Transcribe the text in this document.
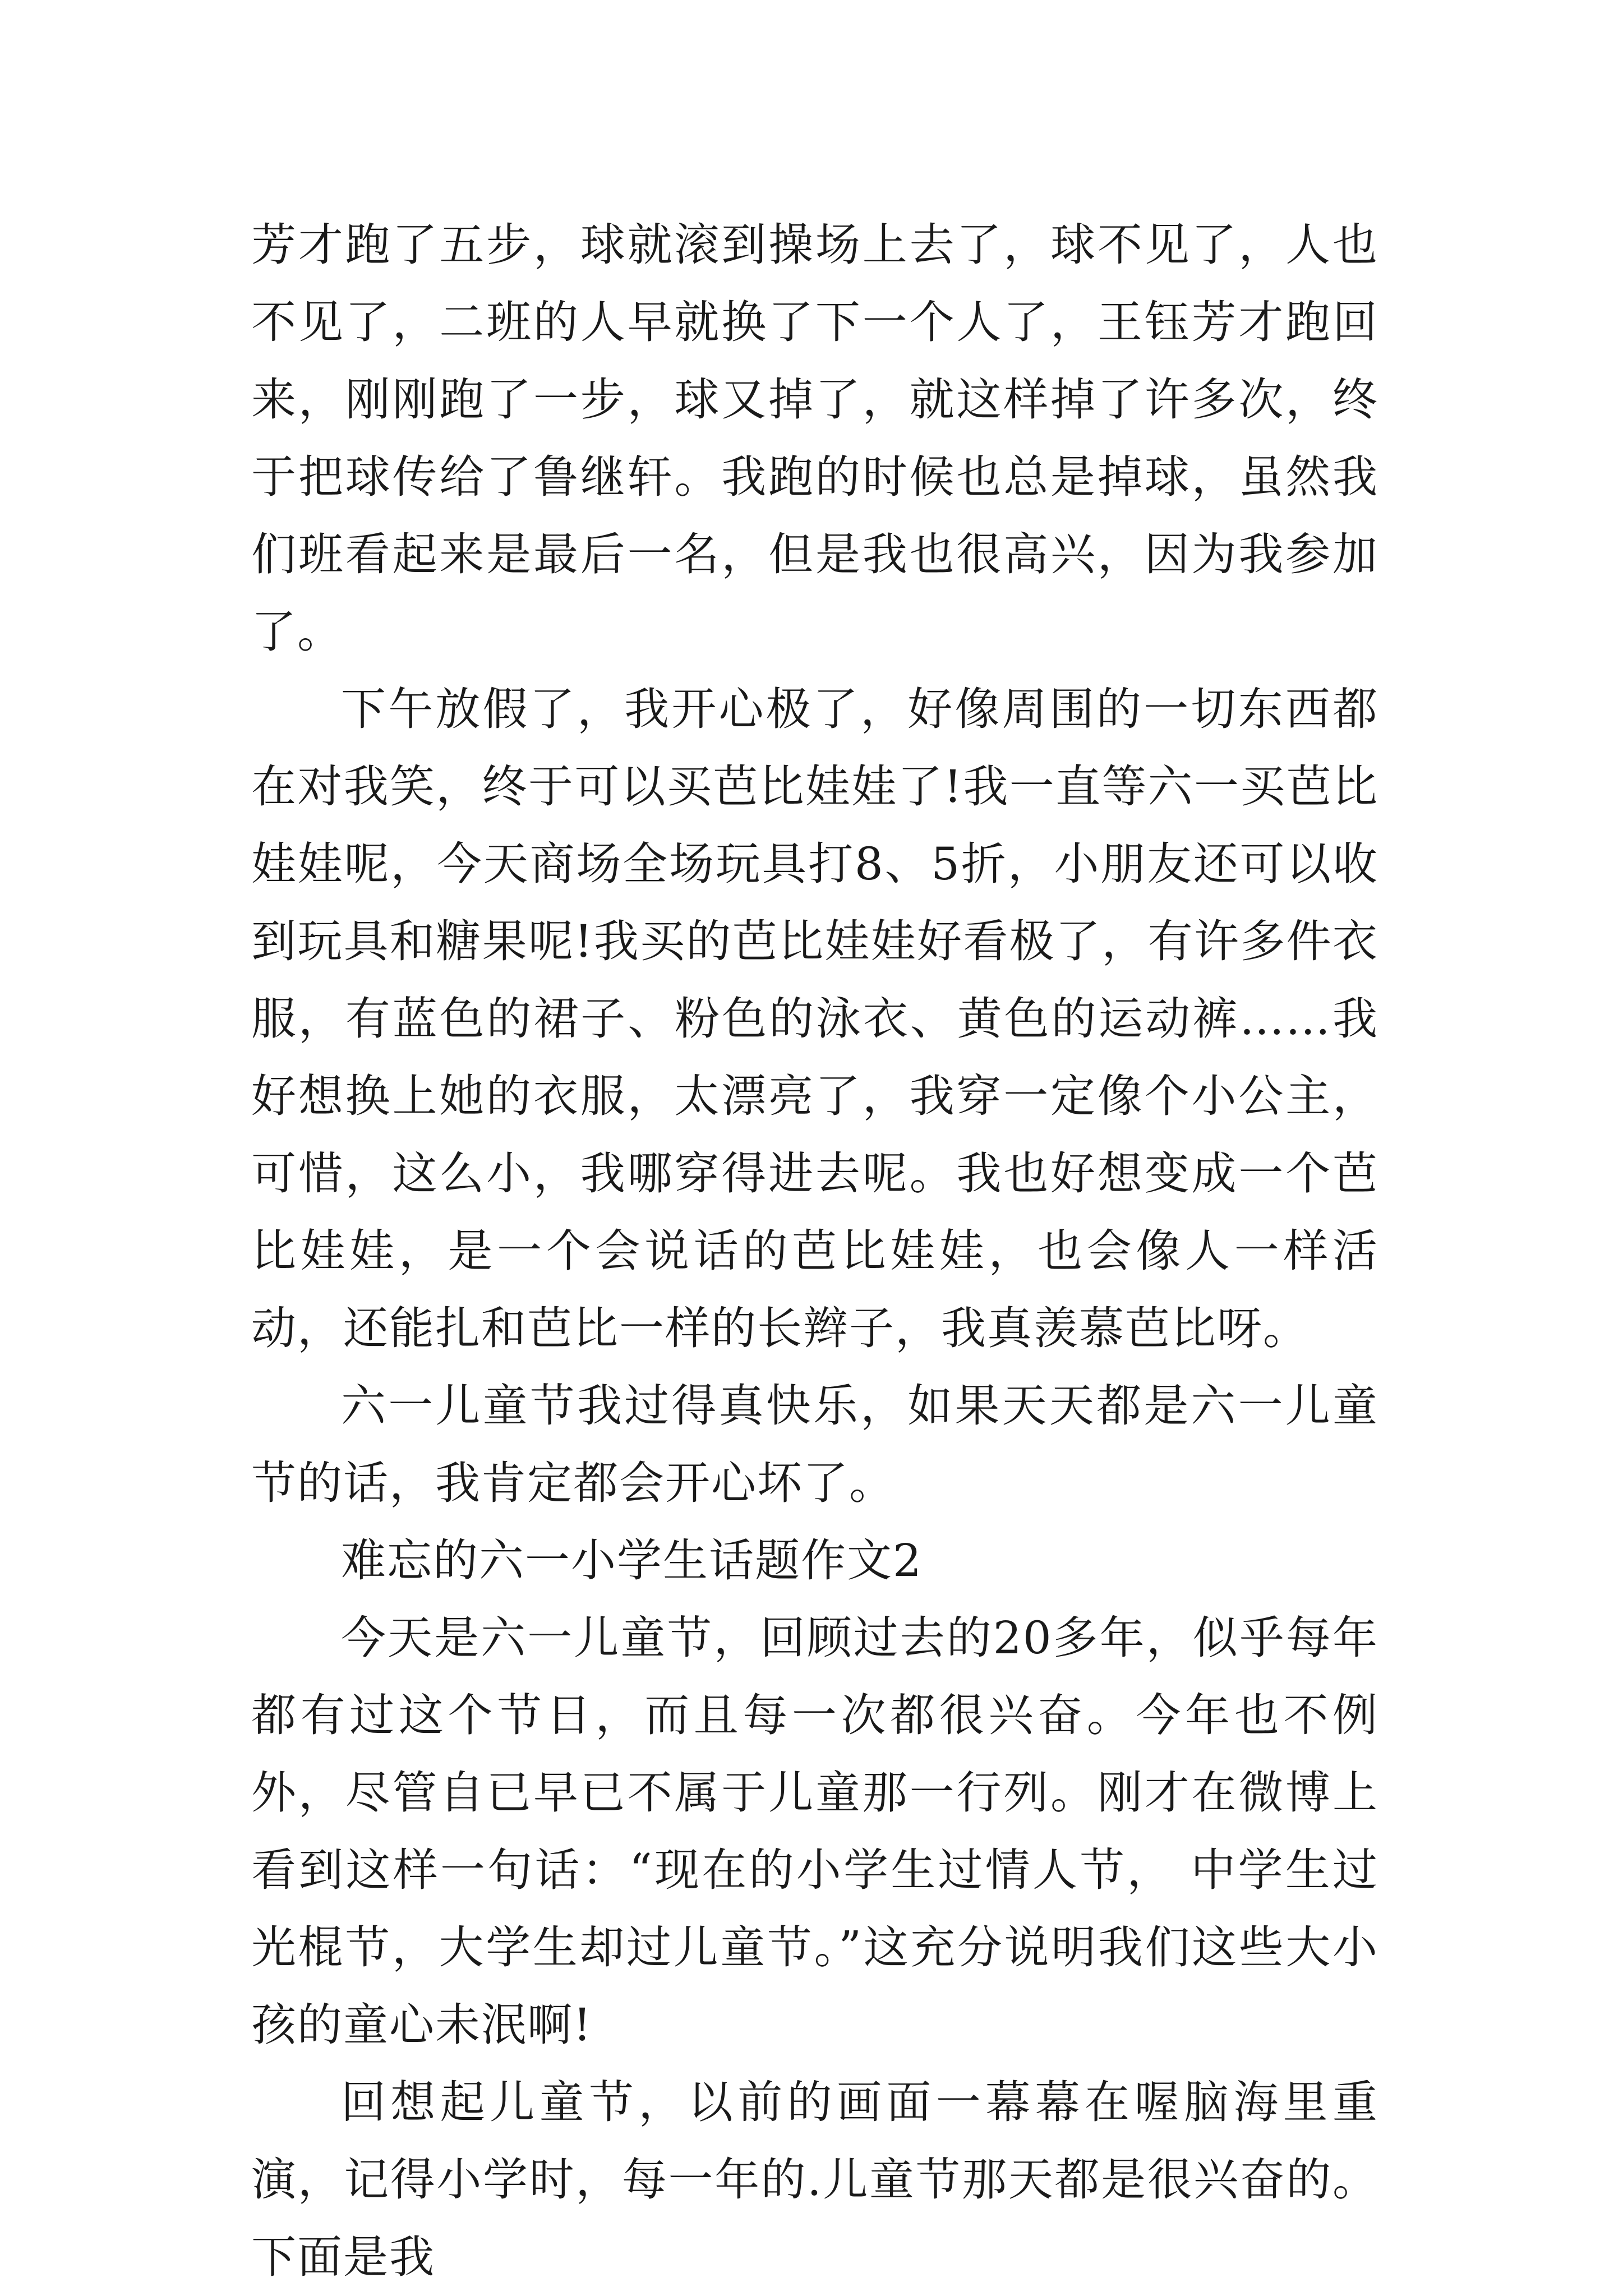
芳才跑了五步，球就滚到操场上去了，球不见了，人也不见了，二班的人早就换了下一个人了，王钰芳才跑回来，刚刚跑了一步，球又掉了，就这样掉了许多次，终于把球传给了鲁继轩。我跑的时候也总是掉球，虽然我们班看起来是最后一名，但是我也很高兴，因为我参加了。

下午放假了，我开心极了，好像周围的一切东西都在对我笑，终于可以买芭比娃娃了!我一直等六一买芭比娃娃呢，今天商场全场玩具打8、5折，小朋友还可以收到玩具和糖果呢!我买的芭比娃娃好看极了，有许多件衣服，有蓝色的裙子、粉色的泳衣、黄色的运动裤……我好想换上她的衣服，太漂亮了，我穿一定像个小公主，可惜，这么小，我哪穿得进去呢。我也好想变成一个芭比娃娃，是一个会说话的芭比娃娃，也会像人一样活动，还能扎和芭比一样的长辫子，我真羡慕芭比呀。

六一儿童节我过得真快乐，如果天天都是六一儿童节的话，我肯定都会开心坏了。

难忘的六一小学生话题作文2

今天是六一儿童节，回顾过去的20多年，似乎每年都有过这个节日，而且每一次都很兴奋。今年也不例外，尽管自已早已不属于儿童那一行列。刚才在微博上看到这样一句话：“现在的小学生过情人节， 中学生过光棍节，大学生却过儿童节。”这充分说明我们这些大小孩的童心未泯啊!

回想起儿童节，以前的画面一幕幕在喔脑海里重演，记得小学时，每一年的.儿童节那天都是很兴奋的。下面是我
